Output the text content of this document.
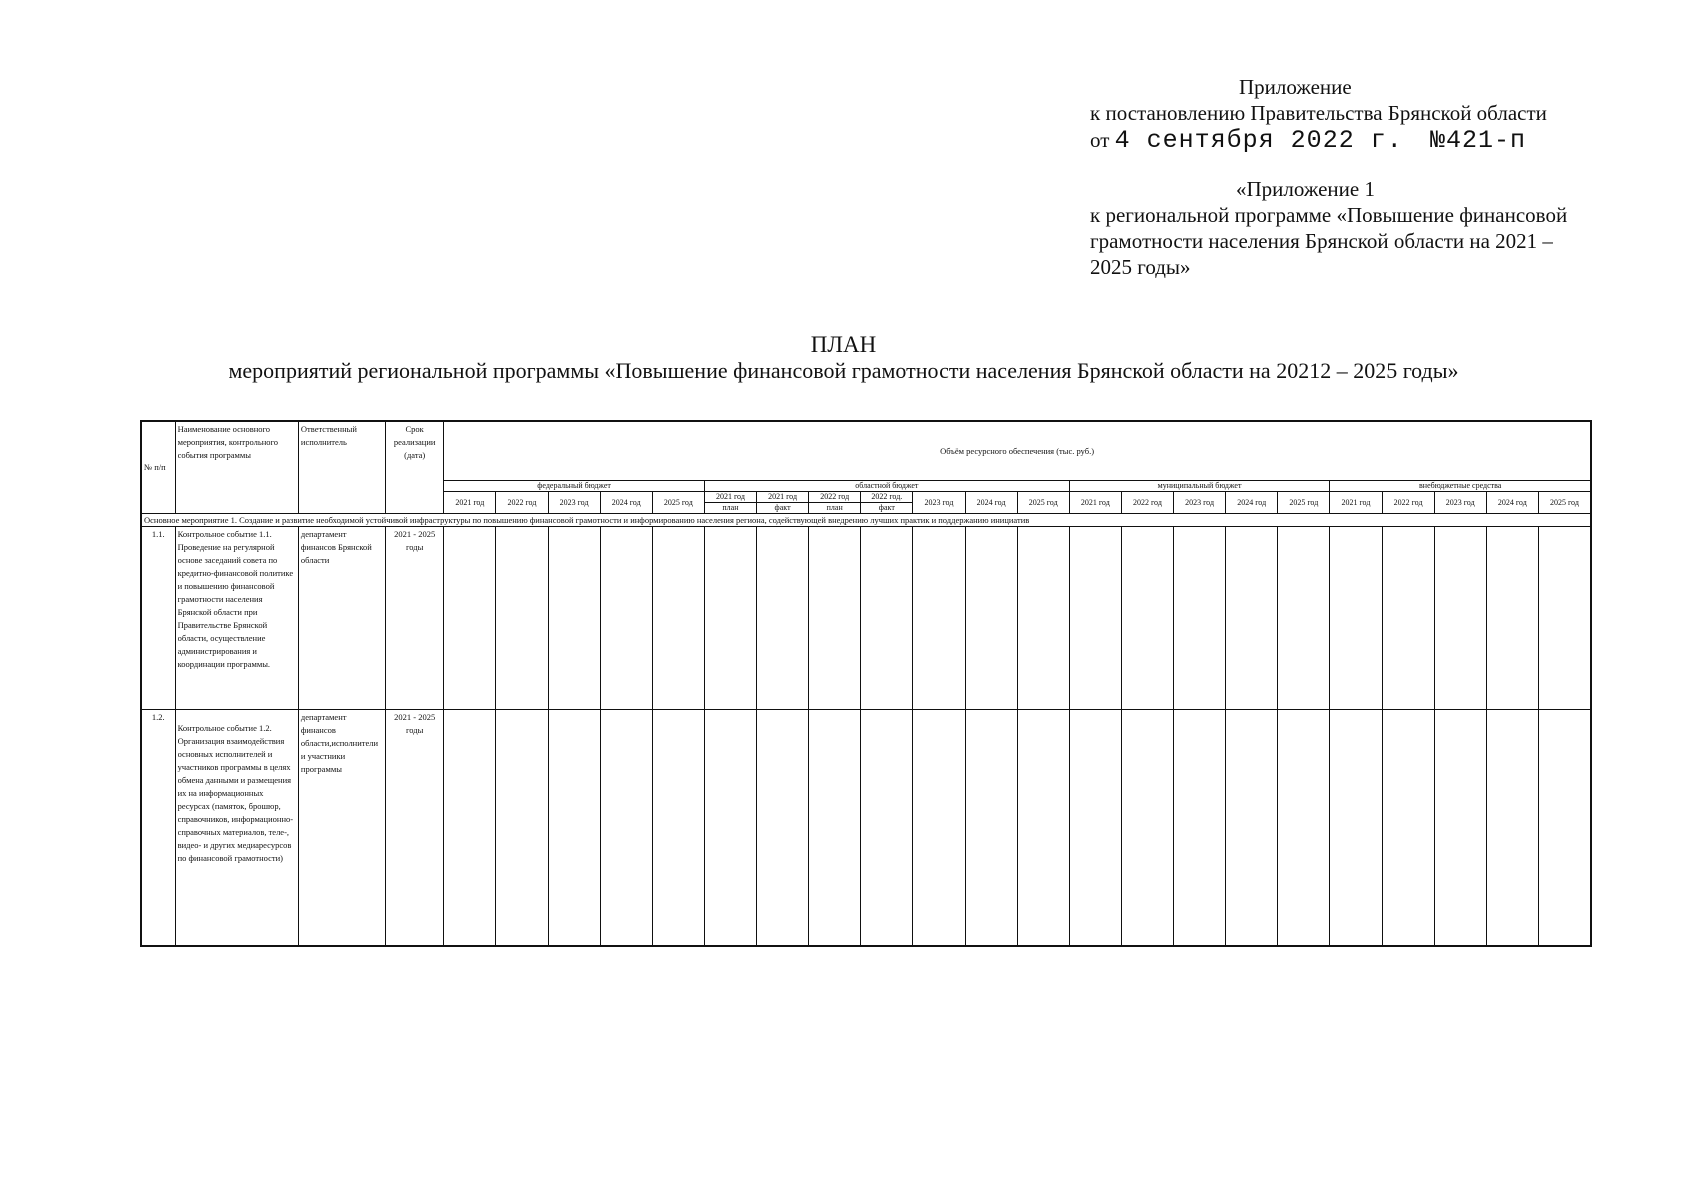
Приложение
к постановлению Правительства Брянской области
от 4 сентября 2022 г. №421-п
«Приложение 1
к региональной программе «Повышение финансовой
грамотности населения Брянской области на 2021 –
2025 годы»
ПЛАН
мероприятий региональной программы «Повышение финансовой грамотности населения Брянской области на 20212 – 2025 годы»
№ п/п	Наименование основного мероприятия, контрольного события программы	Ответственный исполнитель	Срок реализации (дата)	Объём ресурсного обеспечения (тыс. руб.)																					
				федеральный бюджет					областной бюджет							муниципальный бюджет					внебюджетные средства				
				2021 год	2022 год	2023 год	2024 год	2025 год	2021 год	2021 год	2022 год	2022 год.	2023 год	2024 год	2025 год	2021 год	2022 год	2023 год	2024 год	2025 год	2021 год	2022 год	2023 год	2024 год	2025 год
									план	факт	план	факт													
Основное мероприятие 1. Создание и развитие необходимой устойчивой инфраструктуры по повышению финансовой грамотности и информированию населения региона, содействующей внедрению лучших практик и поддержанию инициатив																									
1.1.	Контрольное событие 1.1. Проведение на регулярной основе заседаний совета по кредитно-финансовой политике и повышению финансовой грамотности населения Брянской области при Правительстве Брянской области, осуществление администрирования и координации программы.	департамент финансов Брянской области	2021 - 2025 годы																						
1.2.	Контрольное событие 1.2. Организация взаимодействия основных исполнителей и участников программы в целях обмена данными и размещения их на информационных ресурсах (памяток, брошюр, справочников, информационно-справочных материалов, теле-, видео- и других медиаресурсов по финансовой грамотности)	департамент финансов области,исполнители и участники программы	2021 - 2025 годы																						
